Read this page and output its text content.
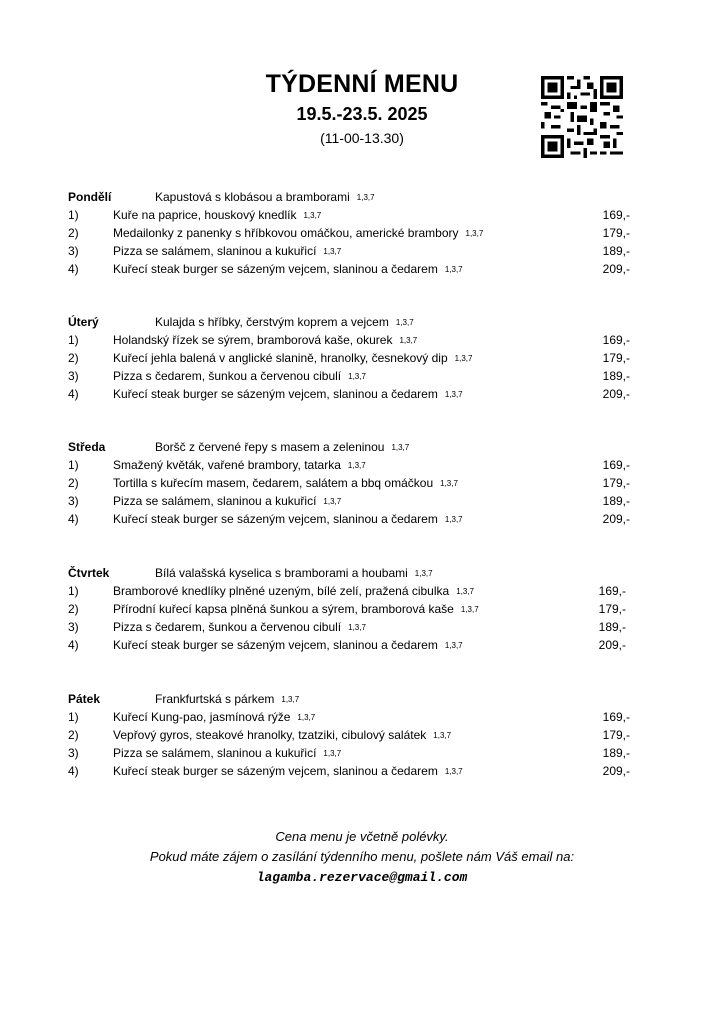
TÝDENNÍ MENU
19.5.-23.5. 2025
(11-00-13.30)
Pondělí	Kapustová s klobásou a bramborami 1,3,7
1)	Kuře na paprice, houskový knedlík 1,3,7	169,-
2)	Medailonky z panenky s hříbkovou omáčkou, americké brambory 1,3,7	179,-
3)	Pizza se salámem, slaninou a kukuřicí 1,3,7	189,-
4)	Kuřecí steak burger se sázeným vejcem, slaninou a čedarem 1,3,7	209,-
Úterý	Kulajda s hříbky, čerstvým koprem a vejcem 1,3,7
1)	Holandský řízek se sýrem, bramborová kaše, okurek 1,3,7	169,-
2)	Kuřecí jehla balená v anglické slanině, hranolky, česnekový dip 1,3,7	179,-
3)	Pizza s čedarem, šunkou a červenou cibulí 1,3,7	189,-
4)	Kuřecí steak burger se sázeným vejcem, slaninou a čedarem 1,3,7	209,-
Středa	Boršč z červené řepy s masem a zeleninou 1,3,7
1)	Smažený květák, vařené brambory, tatarka 1,3,7	169,-
2)	Tortilla s kuřecím masem, čedarem, salátem a bbq omáčkou 1,3,7	179,-
3)	Pizza se salámem, slaninou a kukuřicí 1,3,7	189,-
4)	Kuřecí steak burger se sázeným vejcem, slaninou a čedarem 1,3,7	209,-
Čtvrtek	Bílá valašská kyselica s bramborami a houbami 1,3,7
1)	Bramborové knedlíky plněné uzeným, bílé zelí, pražená cibulka 1,3,7	169,-
2)	Přírodní kuřecí kapsa plněná šunkou a sýrem, bramborová kaše 1,3,7	179,-
3)	Pizza s čedarem, šunkou a červenou cibulí 1,3,7	189,-
4)	Kuřecí steak burger se sázeným vejcem, slaninou a čedarem 1,3,7	209,-
Pátek	Frankfurtská s párkem 1,3,7
1)	Kuřecí Kung-pao, jasmínová rýže 1,3,7	169,-
2)	Vepřový gyros, steakové hranolky, tzatziki, cibulový salátek 1,3,7	179,-
3)	Pizza se salámem, slaninou a kukuřicí 1,3,7	189,-
4)	Kuřecí steak burger se sázeným vejcem, slaninou a čedarem 1,3,7	209,-
Cena menu je včetně polévky.
Pokud máte zájem o zasílání týdenního menu, pošlete nám Váš email na:
lagamba.rezervace@gmail.com
